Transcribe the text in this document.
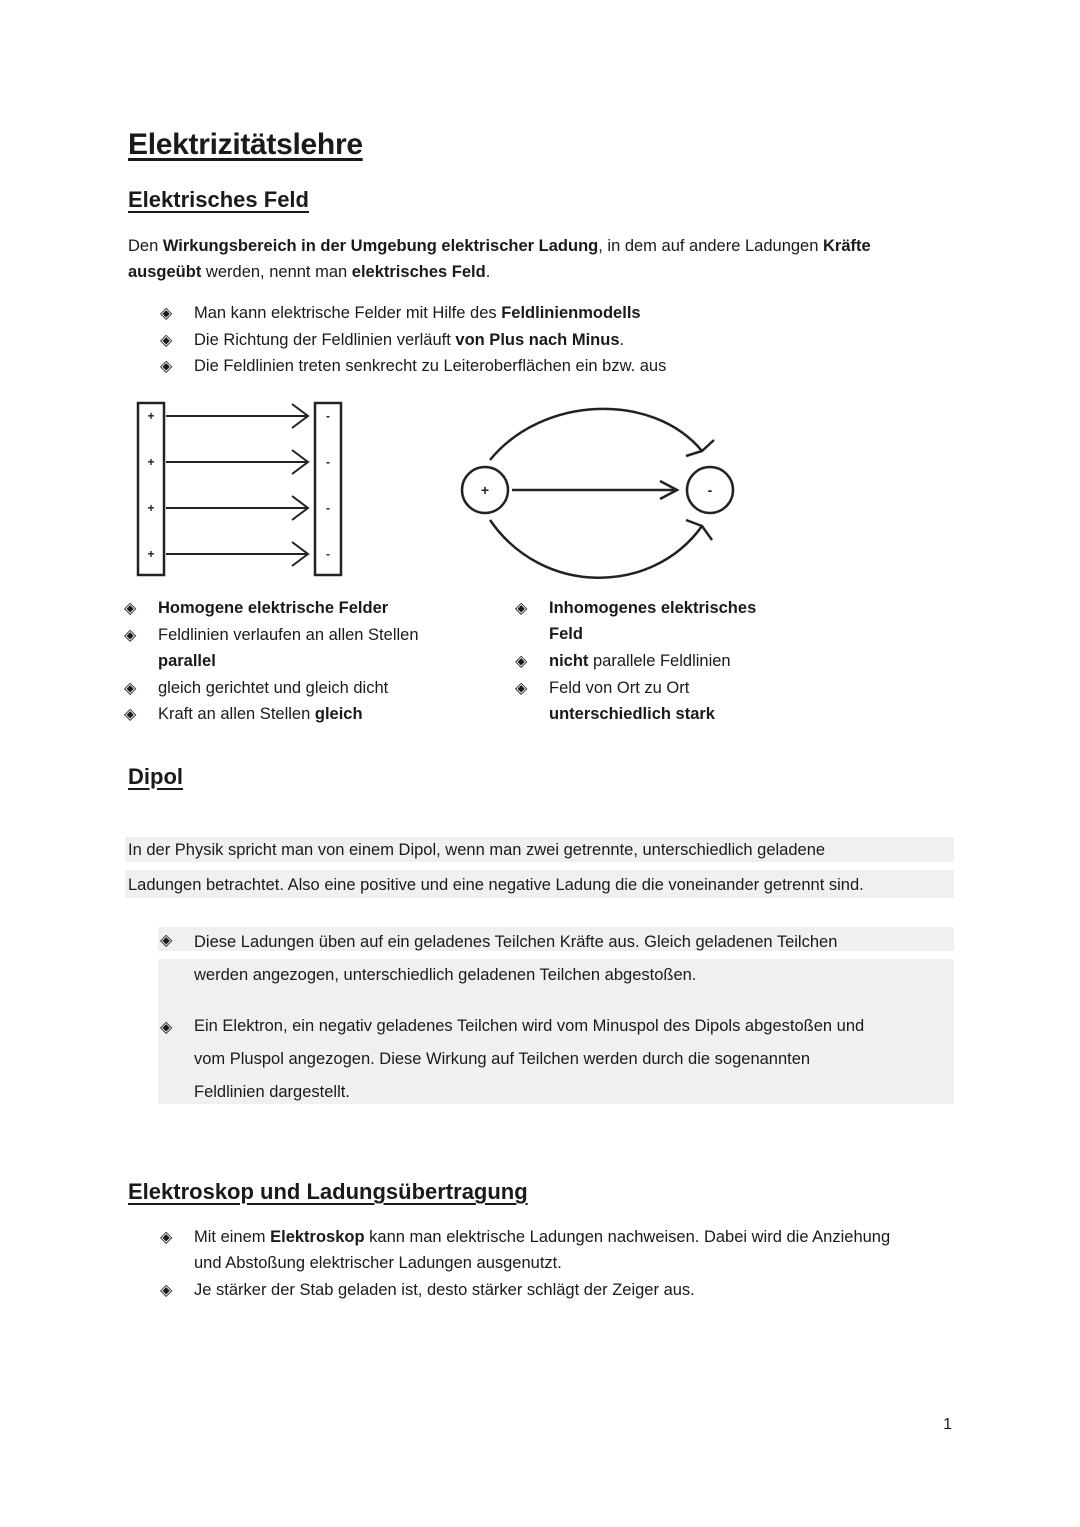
Elektrizitätslehre
Elektrisches Feld
Den Wirkungsbereich in der Umgebung elektrischer Ladung, in dem auf andere Ladungen Kräfte ausgeübt werden, nennt man elektrisches Feld.
◈ Man kann elektrische Felder mit Hilfe des Feldlinienmodells
◈ Die Richtung der Feldlinien verläuft von Plus nach Minus.
◈ Die Feldlinien treten senkrecht zu Leiteroberflächen ein bzw. aus
+	-
+	-
+	-
+	-
+	-
◈ Homogene elektrische Felder
◈ Feldlinien verlaufen an allen Stellen parallel
◈ gleich gerichtet und gleich dicht
◈ Kraft an allen Stellen gleich
◈ Inhomogenes elektrisches Feld
◈ nicht parallele Feldlinien
◈ Feld von Ort zu Ort unterschiedlich stark
Dipol
In der Physik spricht man von einem Dipol, wenn man zwei getrennte, unterschiedlich geladene
Ladungen betrachtet. Also eine positive und eine negative Ladung die die voneinander getrennt sind.
◈ Diese Ladungen üben auf ein geladenes Teilchen Kräfte aus. Gleich geladenen Teilchen
werden angezogen, unterschiedlich geladenen Teilchen abgestoßen.
◈ Ein Elektron, ein negativ geladenes Teilchen wird vom Minuspol des Dipols abgestoßen und
vom Pluspol angezogen. Diese Wirkung auf Teilchen werden durch die sogenannten
Feldlinien dargestellt.
Elektroskop und Ladungsübertragung
◈ Mit einem Elektroskop kann man elektrische Ladungen nachweisen. Dabei wird die Anziehung und Abstoßung elektrischer Ladungen ausgenutzt.
◈ Je stärker der Stab geladen ist, desto stärker schlägt der Zeiger aus.
1
